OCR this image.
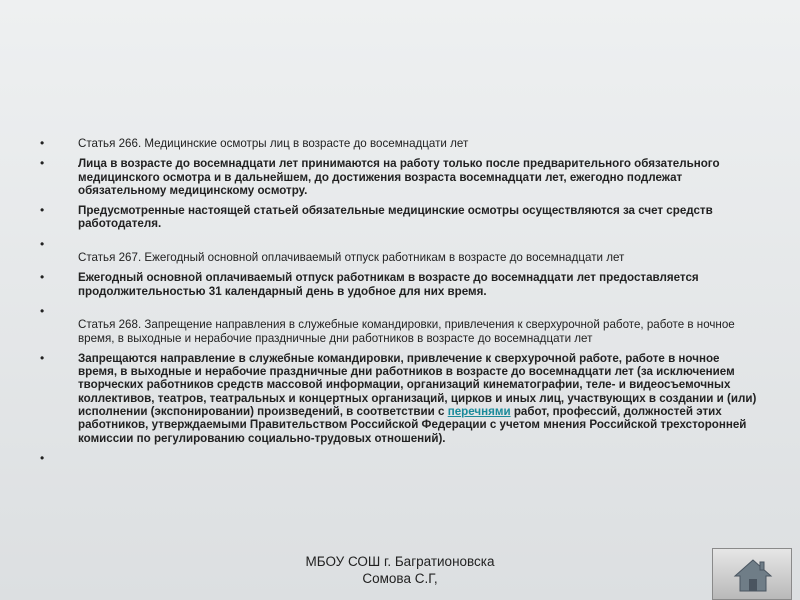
•	Статья 266. Медицинские осмотры лиц в возрасте до восемнадцати лет
•	Лица в возрасте до восемнадцати лет принимаются на работу только после предварительного обязательного медицинского осмотра и в дальнейшем, до достижения возраста восемнадцати лет, ежегодно подлежат обязательному медицинскому осмотру.
•	Предусмотренные настоящей статьей обязательные медицинские осмотры осуществляются за счет средств работодателя.
•
Статья 267. Ежегодный основной оплачиваемый отпуск работникам в возрасте до восемнадцати лет
•	Ежегодный основной оплачиваемый отпуск работникам в возрасте до восемнадцати лет предоставляется продолжительностью 31 календарный день в удобное для них время.
•
Статья 268. Запрещение направления в служебные командировки, привлечения к сверхурочной работе, работе в ночное время, в выходные и нерабочие праздничные дни работников в возрасте до восемнадцати лет
•	Запрещаются направление в служебные командировки, привлечение к сверхурочной работе, работе в ночное время, в выходные и нерабочие праздничные дни работников в возрасте до восемнадцати лет (за исключением творческих работников средств массовой информации, организаций кинематографии, теле- и видеосъемочных коллективов, театров, театральных и концертных организаций, цирков и иных лиц, участвующих в создании и (или) исполнении (экспонировании) произведений, в соответствии с перечнями работ, профессий, должностей этих работников, утверждаемыми Правительством Российской Федерации с учетом мнения Российской трехсторонней комиссии по регулированию социально-трудовых отношений).
•
МБОУ СОШ г. Багратионовска
Сомова С.Г,
